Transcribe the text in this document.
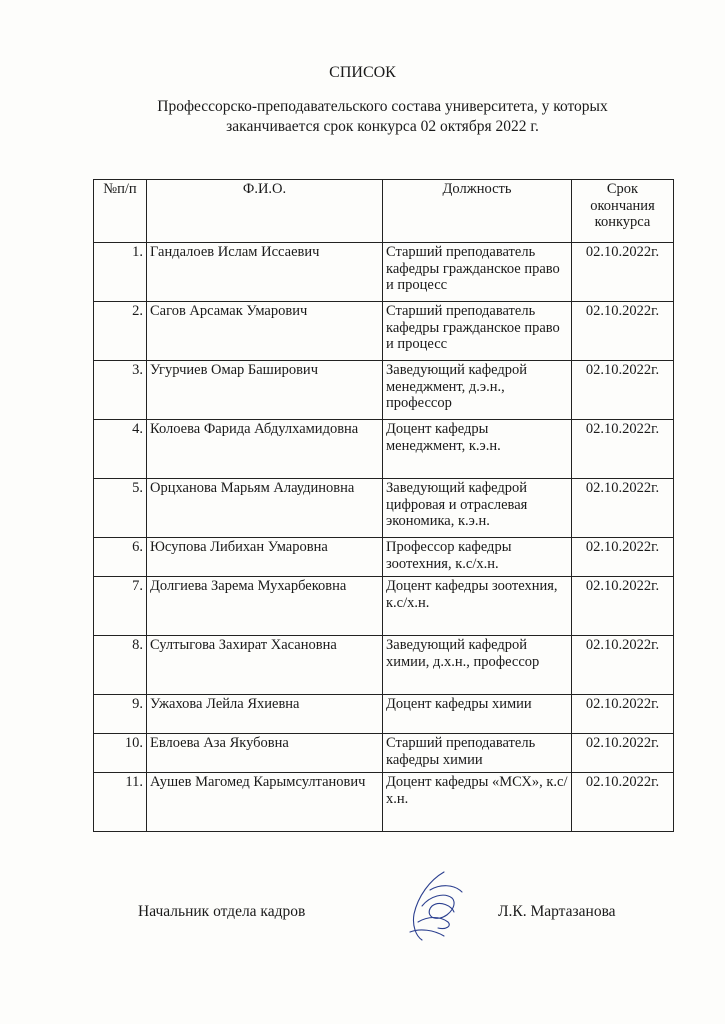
СПИСОК
Профессорско-преподавательского состава университета, у которых
заканчивается срок конкурса 02 октября 2022 г.
№п/п	Ф.И.О.	Должность	Срок окончания конкурса
1.	Гандалоев Ислам Иссаевич	Старший преподаватель кафедры гражданское право и процесс	02.10.2022г.
2.	Сагов Арсамак Умарович	Старший преподаватель кафедры гражданское право и процесс	02.10.2022г.
3.	Угурчиев Омар Баширович	Заведующий кафедрой менеджмент, д.э.н., профессор	02.10.2022г.
4.	Колоева Фарида Абдулхамидовна	Доцент кафедры менеджмент, к.э.н.	02.10.2022г.
5.	Орцханова Марьям Алаудиновна	Заведующий кафедрой цифровая и отраслевая экономика, к.э.н.	02.10.2022г.
6.	Юсупова Либихан Умаровна	Профессор кафедры зоотехния, к.с/х.н.	02.10.2022г.
7.	Долгиева Зарема Мухарбековна	Доцент кафедры зоотехния, к.с/х.н.	02.10.2022г.
8.	Султыгова Захират Хасановна	Заведующий кафедрой химии, д.х.н., профессор	02.10.2022г.
9.	Ужахова Лейла Яхиевна	Доцент кафедры химии	02.10.2022г.
10.	Евлоева Аза Якубовна	Старший преподаватель кафедры химии	02.10.2022г.
11.	Аушев Магомед Карымсултанович	Доцент кафедры «МСХ», к.с/х.н.	02.10.2022г.
Начальник отдела кадров	Л.К. Мартазанова
